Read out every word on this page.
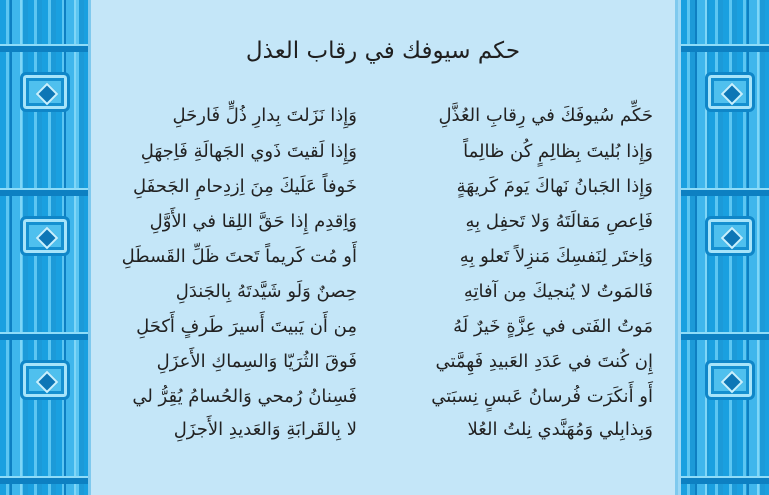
حكم سيوفك في رقاب العذل
حَكِّم سُيوفَكَ في رِقابِ العُذَّلِ
وَإِذا نَزَلتَ بِدارِ ذُلٍّ فَارحَلِ
وَإِذا بُليتَ بِظالِمٍ كُن ظالِماً
وَإِذا لَقيتَ ذَوي الجَهالَةِ فَاِجهَلِ
وَإِذا الجَبانُ نَهاكَ يَومَ كَريهَةٍ
خَوفاً عَلَيكَ مِنَ اِزدِحامِ الجَحفَلِ
فَاِعصِ مَقالَتَهُ وَلا تَحفِل بِهِ
وَاِقدِم إِذا حَقَّ اللِقا في الأَوَّلِ
وَاِختَر لِنَفسِكَ مَنزِلاً تَعلو بِهِ
أَو مُت كَريماً تَحتَ ظَلِّ القَسطَلِ
فَالمَوتُ لا يُنجيكَ مِن آفاتِهِ
حِصنٌ وَلَو شَيَّدتَهُ بِالجَندَلِ
مَوتُ الفَتى في عِزَّةٍ خَيرٌ لَهُ
مِن أَن يَبيتَ أَسيرَ طَرفٍ أَكحَلِ
إِن كُنتَ في عَدَدِ العَبيدِ فَهِمَّتي
فَوقَ الثُرَيّا وَالسِماكِ الأَعزَلِ
أَو أَنكَرَت فُرسانُ عَبسٍ نِسبَتي
فَسِنانُ رُمحي وَالحُسامُ يُقِرُّ لي
وَبِذابِلي وَمُهَنَّدي نِلتُ العُلا
لا بِالقَرابَةِ وَالعَديدِ الأَجزَلِ
